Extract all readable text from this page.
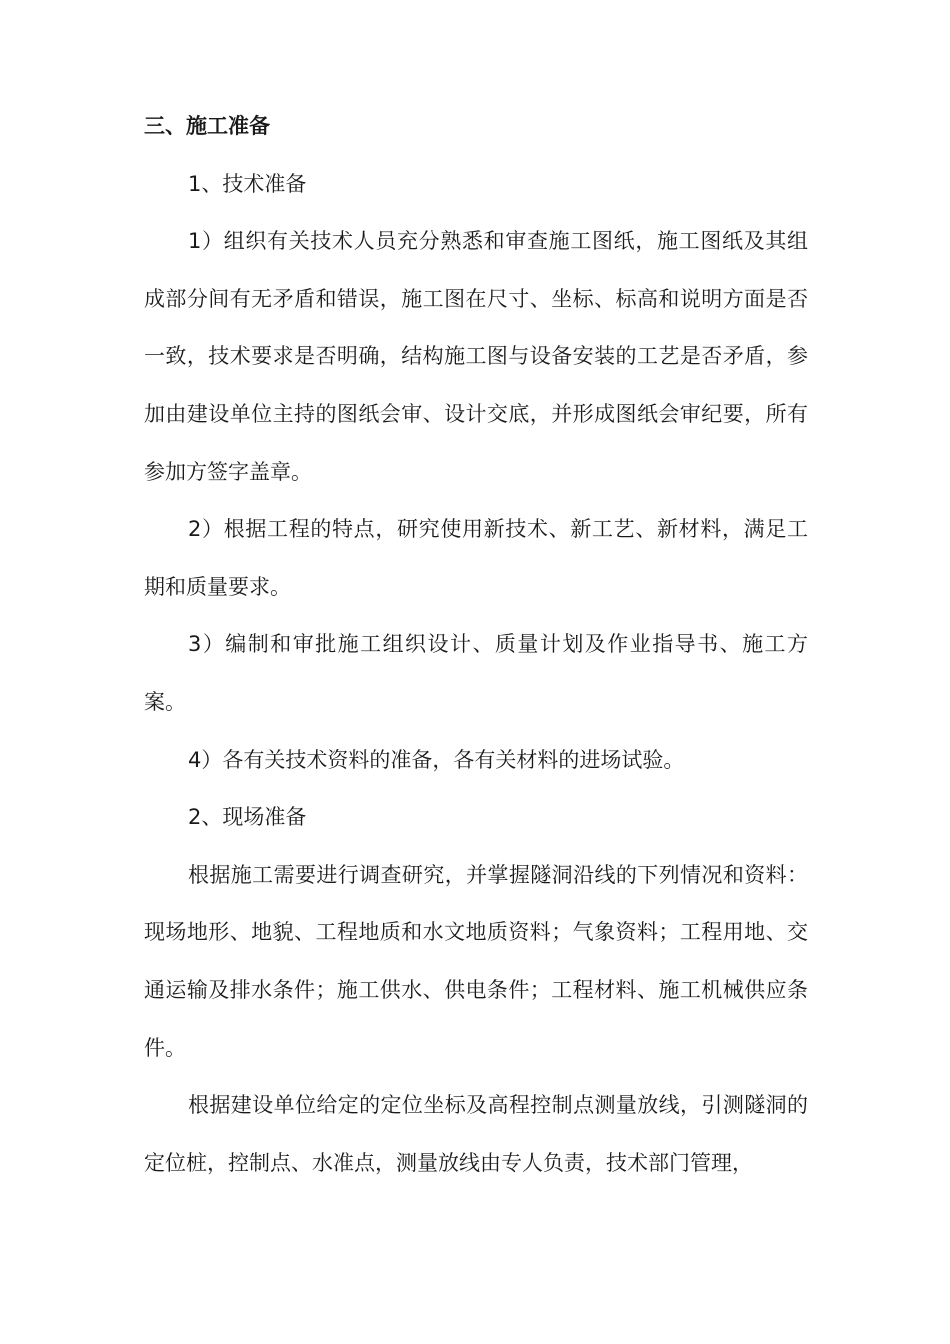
三、施工准备

1、技术准备

1）组织有关技术人员充分熟悉和审查施工图纸，施工图纸及其组成部分间有无矛盾和错误，施工图在尺寸、坐标、标高和说明方面是否一致，技术要求是否明确，结构施工图与设备安装的工艺是否矛盾，参加由建设单位主持的图纸会审、设计交底，并形成图纸会审纪要，所有参加方签字盖章。

2）根据工程的特点，研究使用新技术、新工艺、新材料，满足工期和质量要求。

3）编制和审批施工组织设计、质量计划及作业指导书、施工方案。

4）各有关技术资料的准备，各有关材料的进场试验。

2、现场准备

根据施工需要进行调查研究，并掌握隧洞沿线的下列情况和资料：现场地形、地貌、工程地质和水文地质资料；气象资料；工程用地、交通运输及排水条件；施工供水、供电条件；工程材料、施工机械供应条件。

根据建设单位给定的定位坐标及高程控制点测量放线，引测隧洞的定位桩，控制点、水准点，测量放线由专人负责，技术部门管理，
